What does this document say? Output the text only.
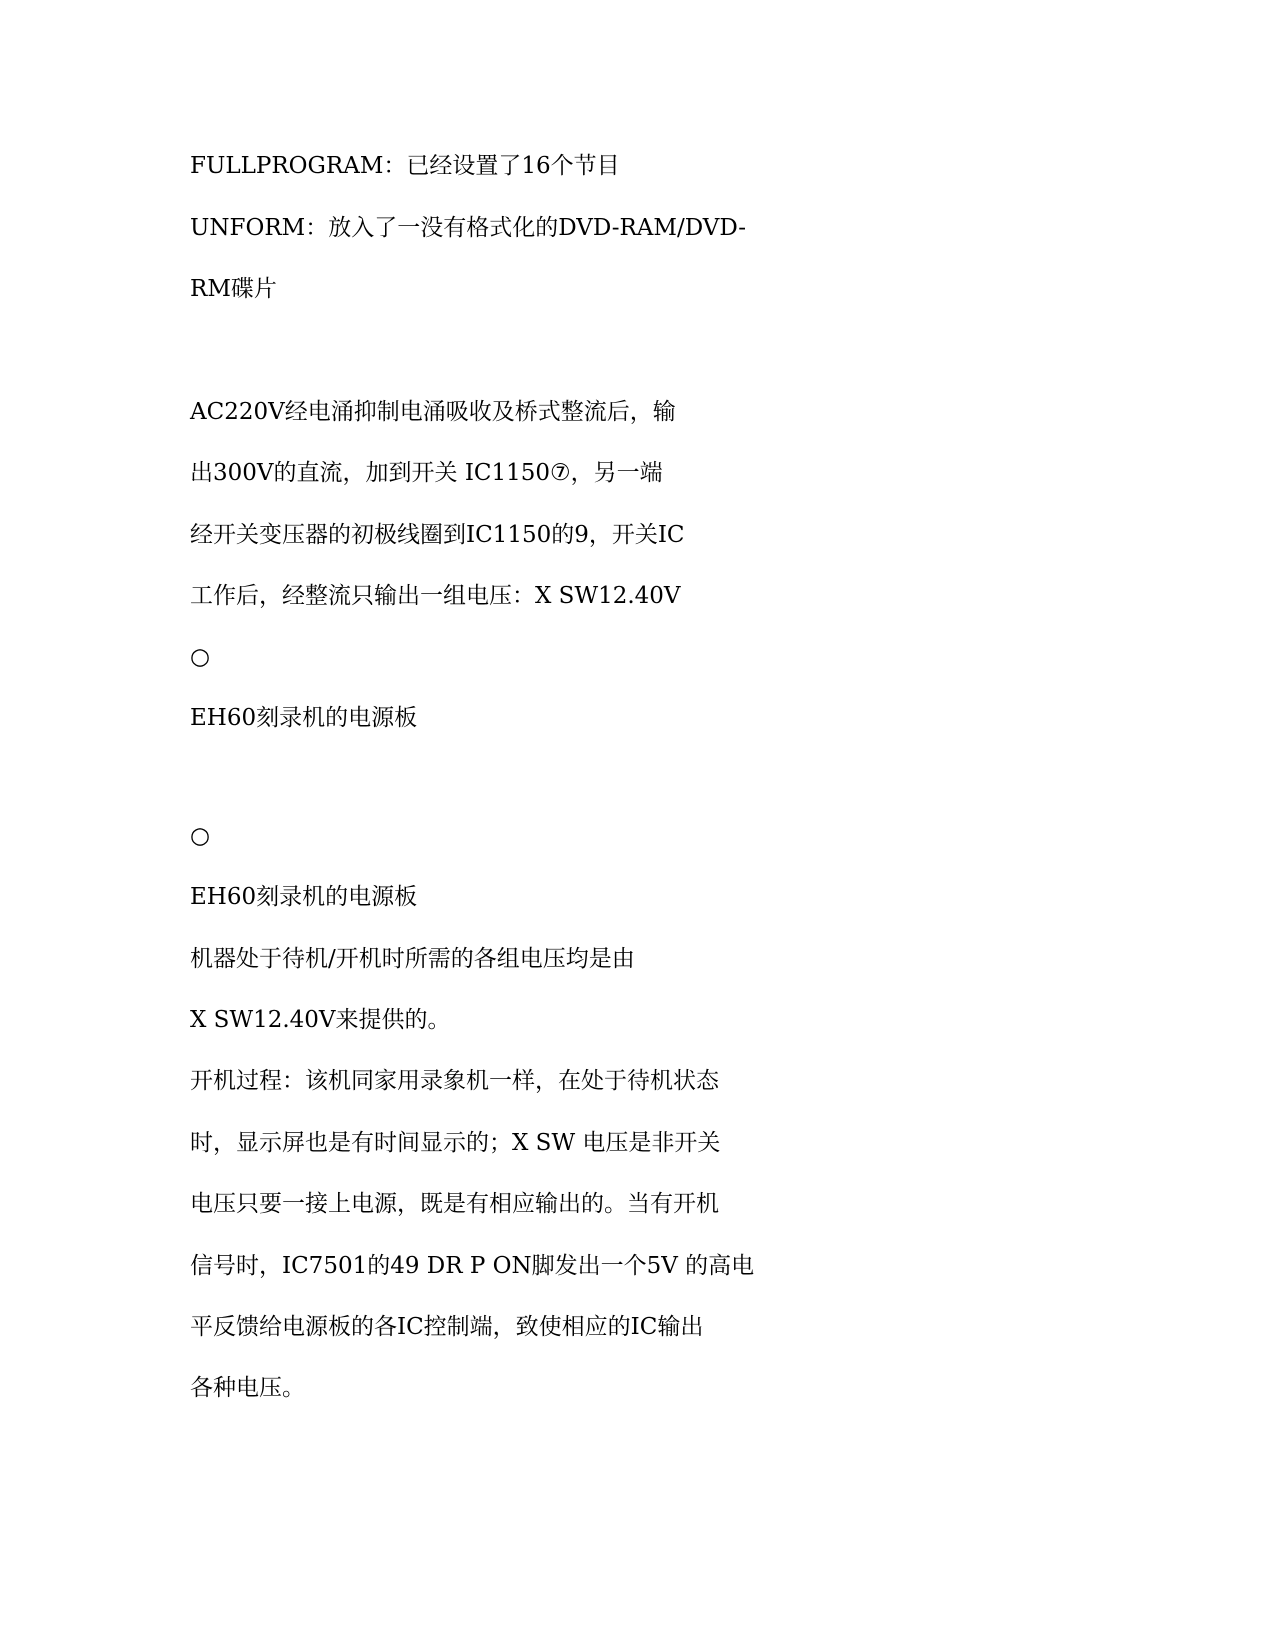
FULLPROGRAM：已经设置了16个节目
UNFORM：放入了一没有格式化的DVD-RAM/DVD-
RM碟片
AC220V经电涌抑制电涌吸收及桥式整流后，输
出300V的直流，加到开关 IC1150⑦，另一端
经开关变压器的初极线圈到IC1150的9，开关IC
工作后，经整流只输出一组电压：X SW12.40V
○
EH60刻录机的电源板
○
EH60刻录机的电源板
机器处于待机/开机时所需的各组电压均是由
X SW12.40V来提供的。
开机过程：该机同家用录象机一样，在处于待机状态
时，显示屏也是有时间显示的；X SW 电压是非开关
电压只要一接上电源，既是有相应输出的。当有开机
信号时，IC7501的49 DR P ON脚发出一个5V 的高电
平反馈给电源板的各IC控制端，致使相应的IC输出
各种电压。
